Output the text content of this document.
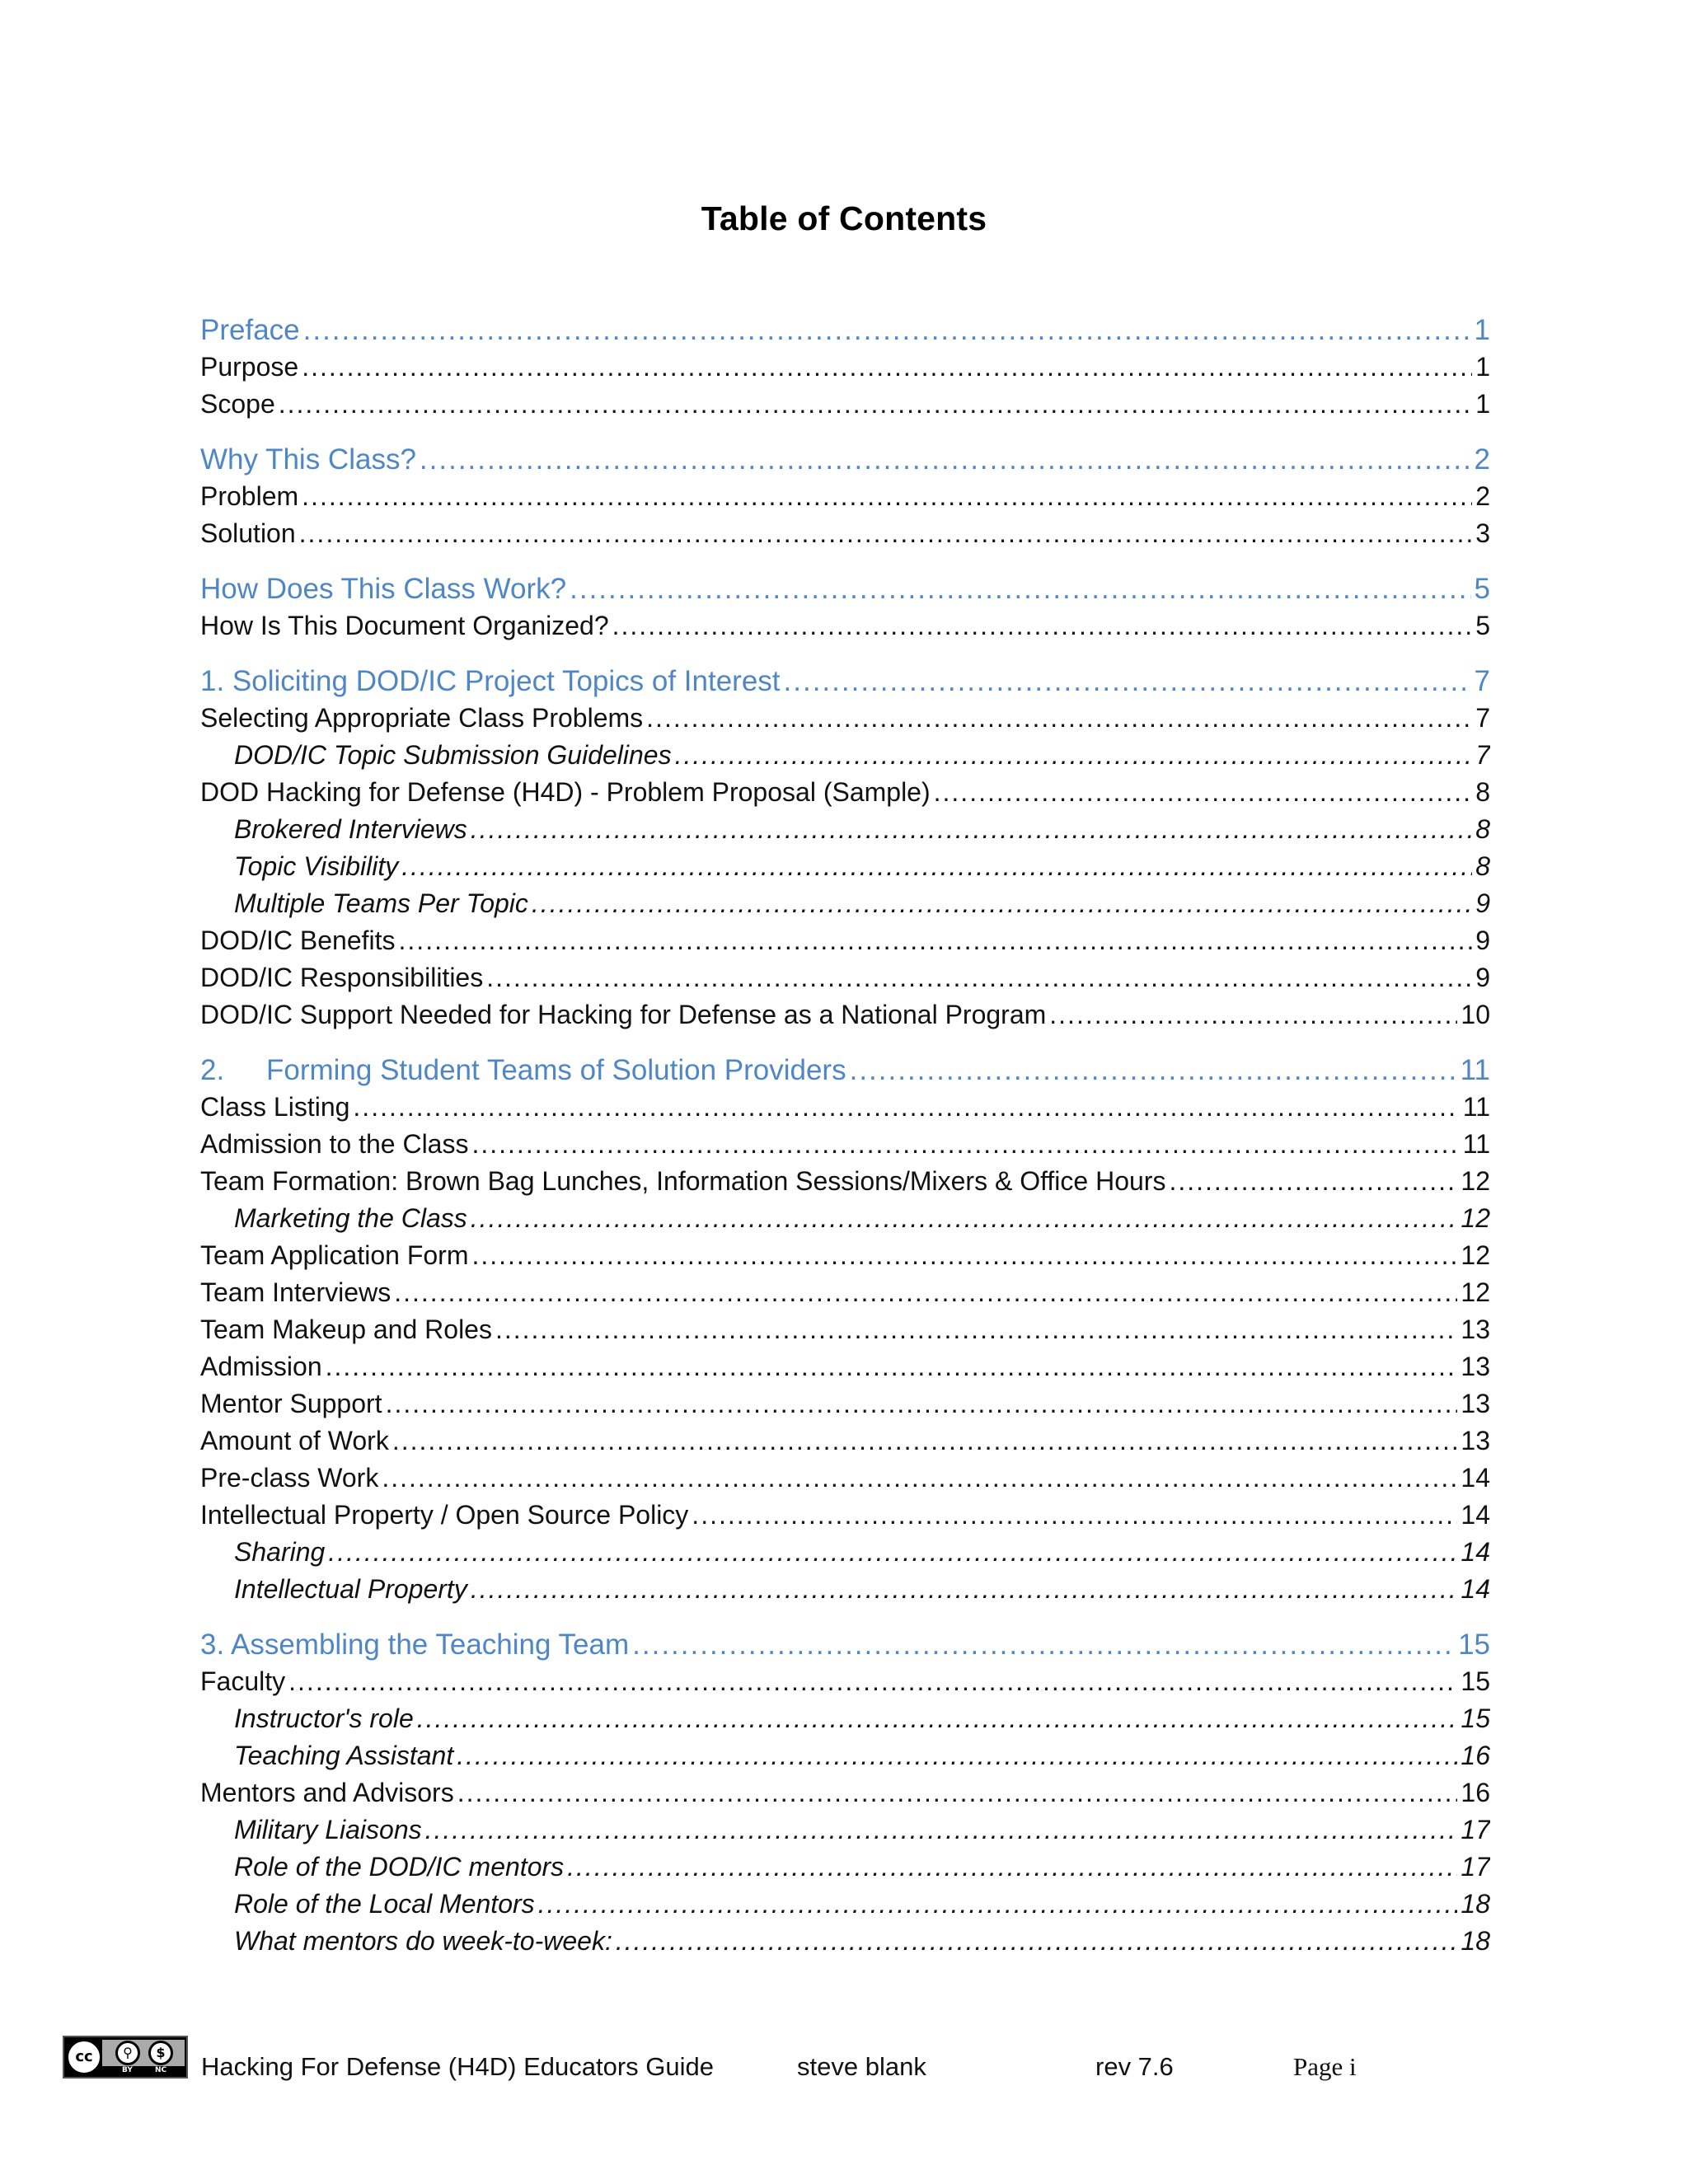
Table of Contents
Preface .....	1
Purpose .....	1
Scope .....	1
Why This Class? .....	2
Problem .....	2
Solution .....	3
How Does This Class Work? .....	5
How Is This Document Organized? .....	5
1. Soliciting DOD/IC Project Topics of Interest .....	7
Selecting Appropriate Class Problems .....	7
DOD/IC Topic Submission Guidelines .....	7
DOD Hacking for Defense (H4D) - Problem Proposal (Sample) .....	8
Brokered Interviews .....	8
Topic Visibility .....	8
Multiple Teams Per Topic .....	9
DOD/IC Benefits .....	9
DOD/IC Responsibilities .....	9
DOD/IC Support Needed for Hacking for Defense as a National Program .....	10
2. Forming Student Teams of Solution Providers .....	11
Class Listing .....	11
Admission to the Class .....	11
Team Formation: Brown Bag Lunches, Information Sessions/Mixers & Office Hours .....	12
Marketing the Class .....	12
Team Application Form .....	12
Team Interviews .....	12
Team Makeup and Roles .....	13
Admission .....	13
Mentor Support .....	13
Amount of Work .....	13
Pre-class Work .....	14
Intellectual Property / Open Source Policy .....	14
Sharing .....	14
Intellectual Property .....	14
3. Assembling the Teaching Team .....	15
Faculty .....	15
Instructor's role .....	15
Teaching Assistant .....	16
Mentors and Advisors .....	16
Military Liaisons .....	17
Role of the DOD/IC mentors .....	17
Role of the Local Mentors .....	18
What mentors do week-to-week: .....	18
cc	⚲	$
BY	NC Hacking For Defense (H4D) Educators Guide	steve blank	rev 7.6	Page i
